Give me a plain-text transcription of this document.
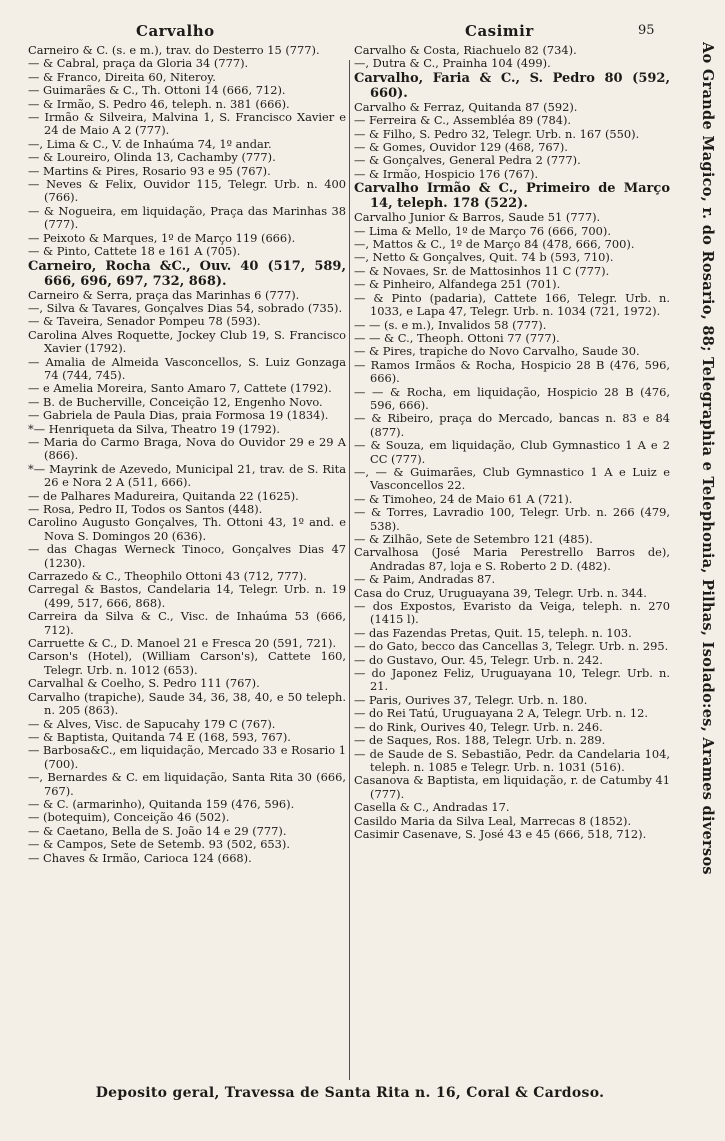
Carvalho	Casimir	95

Carneiro & C. (s. e m.), trav. do Desterro 15 (777).

— & Cabral, praça da Gloria 34 (777).

— & Franco, Direita 60, Niteroy.

— Guimarães & C., Th. Ottoni 14 (666, 712).

— & Irmão, S. Pedro 46, teleph. n. 381 (666).

— Irmão & Silveira, Malvina 1, S. Francisco Xavier e 24 de Maio A 2 (777).

—, Lima & C., V. de Inhaúma 74, 1º andar.

— & Loureiro, Olinda 13, Cachamby (777).

— Martins & Pires, Rosario 93 e 95 (767).

— Neves & Felix, Ouvidor 115, Telegr. Urb. n. 400 (766).

— & Nogueira, em liquidação, Praça das Marinhas 38 (777).

— Peixoto & Marques, 1º de Março 119 (666).

— & Pinto, Cattete 18 e 161 A (705).

Carneiro, Rocha &C., Ouv. 40 (517, 589, 666, 696, 697, 732, 868).

Carneiro & Serra, praça das Marinhas 6 (777).

—, Silva & Tavares, Gonçalves Dias 54, sobrado (735).

— & Taveira, Senador Pompeu 78 (593).

Carolina Alves Roquette, Jockey Club 19, S. Francisco Xavier (1792).

— Amalia de Almeida Vasconcellos, S. Luiz Gonzaga 74 (744, 745).

— e Amelia Moreira, Santo Amaro 7, Cattete (1792).

— B. de Bucherville, Conceição 12, Engenho Novo.

— Gabriela de Paula Dias, praia Formosa 19 (1834).

*— Henriqueta da Silva, Theatro 19 (1792).

— Maria do Carmo Braga, Nova do Ouvidor 29 e 29 A (866).

*— Mayrink de Azevedo, Municipal 21, trav. de S. Rita 26 e Nora 2 A (511, 666).

— de Palhares Madureira, Quitanda 22 (1625).

— Rosa, Pedro II, Todos os Santos (448).

Carolino Augusto Gonçalves, Th. Ottoni 43, 1º and. e Nova S. Domingos 20 (636).

— das Chagas Werneck Tinoco, Gonçalves Dias 47 (1230).

Carrazedo & C., Theophilo Ottoni 43 (712, 777).

Carregal & Bastos, Candelaria 14, Telegr. Urb. n. 19 (499, 517, 666, 868).

Carreira da Silva & C., Visc. de Inhaúma 53 (666, 712).

Carruette & C., D. Manoel 21 e Fresca 20 (591, 721).

Carson's (Hotel), (William Carson's), Cattete 160, Telegr. Urb. n. 1012 (653).

Carvalhal & Coelho, S. Pedro 111 (767).

Carvalho (trapiche), Saude 34, 36, 38, 40, e 50 teleph. n. 205 (863).

— & Alves, Visc. de Sapucahy 179 C (767).

— & Baptista, Quitanda 74 E (168, 593, 767).

— Barbosa&C., em liquidação, Mercado 33 e Rosario 1 (700).

—, Bernardes & C. em liquidação, Santa Rita 30 (666, 767).

— & C. (armarinho), Quitanda 159 (476, 596).

— (botequim), Conceição 46 (502).

— & Caetano, Bella de S. João 14 e 29 (777).

— & Campos, Sete de Setemb. 93 (502, 653).

— Chaves & Irmão, Carioca 124 (668).

Carvalho & Costa, Riachuelo 82 (734).

—, Dutra & C., Prainha 104 (499).

Carvalho, Faria & C., S. Pedro 80 (592, 660).

Carvalho & Ferraz, Quitanda 87 (592).

— Ferreira & C., Assembléa 89 (784).

— & Filho, S. Pedro 32, Telegr. Urb. n. 167 (550).

— & Gomes, Ouvidor 129 (468, 767).

— & Gonçalves, General Pedra 2 (777).

— & Irmão, Hospicio 176 (767).

Carvalho Irmão & C., Primeiro de Março 14, teleph. 178 (522).

Carvalho Junior & Barros, Saude 51 (777).

— Lima & Mello, 1º de Março 76 (666, 700).

—, Mattos & C., 1º de Março 84 (478, 666, 700).

—, Netto & Gonçalves, Quit. 74 b (593, 710).

— & Novaes, Sr. de Mattosinhos 11 C (777).

— & Pinheiro, Alfandega 251 (701).

— & Pinto (padaria), Cattete 166, Telegr. Urb. n. 1033, e Lapa 47, Telegr. Urb. n. 1034 (721, 1972).

— — (s. e m.), Invalidos 58 (777).

— — & C., Theoph. Ottoni 77 (777).

— & Pires, trapiche do Novo Carvalho, Saude 30.

— Ramos Irmãos & Rocha, Hospicio 28 B (476, 596, 666).

— — & Rocha, em liquidação, Hospicio 28 B (476, 596, 666).

— & Ribeiro, praça do Mercado, bancas n. 83 e 84 (877).

— & Souza, em liquidação, Club Gymnastico 1 A e 2 CC (777).

—, — & Guimarães, Club Gymnastico 1 A e Luiz e Vasconcellos 22.

— & Timoheo, 24 de Maio 61 A (721).

— & Torres, Lavradio 100, Telegr. Urb. n. 266 (479, 538).

— & Zilhão, Sete de Setembro 121 (485).

Carvalhosa (José Maria Perestrello Barros de), Andradas 87, loja e S. Roberto 2 D. (482).

— & Paim, Andradas 87.

Casa do Cruz, Uruguayana 39, Telegr. Urb. n. 344.

— dos Expostos, Evaristo da Veiga, teleph. n. 270 (1415 l).

— das Fazendas Pretas, Quit. 15, teleph. n. 103.

— do Gato, becco das Cancellas 3, Telegr. Urb. n. 295.

— do Gustavo, Our. 45, Telegr. Urb. n. 242.

— do Japonez Feliz, Uruguayana 10, Telegr. Urb. n. 21.

— Paris, Ourives 37, Telegr. Urb. n. 180.

— do Rei Tatú, Uruguayana 2 A, Telegr. Urb. n. 12.

— do Rink, Ourives 40, Telegr. Urb. n. 246.

— de Saques, Ros. 188, Telegr. Urb. n. 289.

— de Saude de S. Sebastião, Pedr. da Candelaria 104, teleph. n. 1085 e Telegr. Urb. n. 1031 (516).

Casanova & Baptista, em liquidação, r. de Catumby 41 (777).

Casella & C., Andradas 17.

Casildo Maria da Silva Leal, Marrecas 8 (1852).

Casimir Casenave, S. José 43 e 45 (666, 518, 712).	Ao Grande Magico, r. do Rosario, 88; Telegraphia e Telephonia, Pilhas, Isolado:es, Arames diversos
Deposito geral, Travessa de Santa Rita n. 16, Coral & Cardoso.
